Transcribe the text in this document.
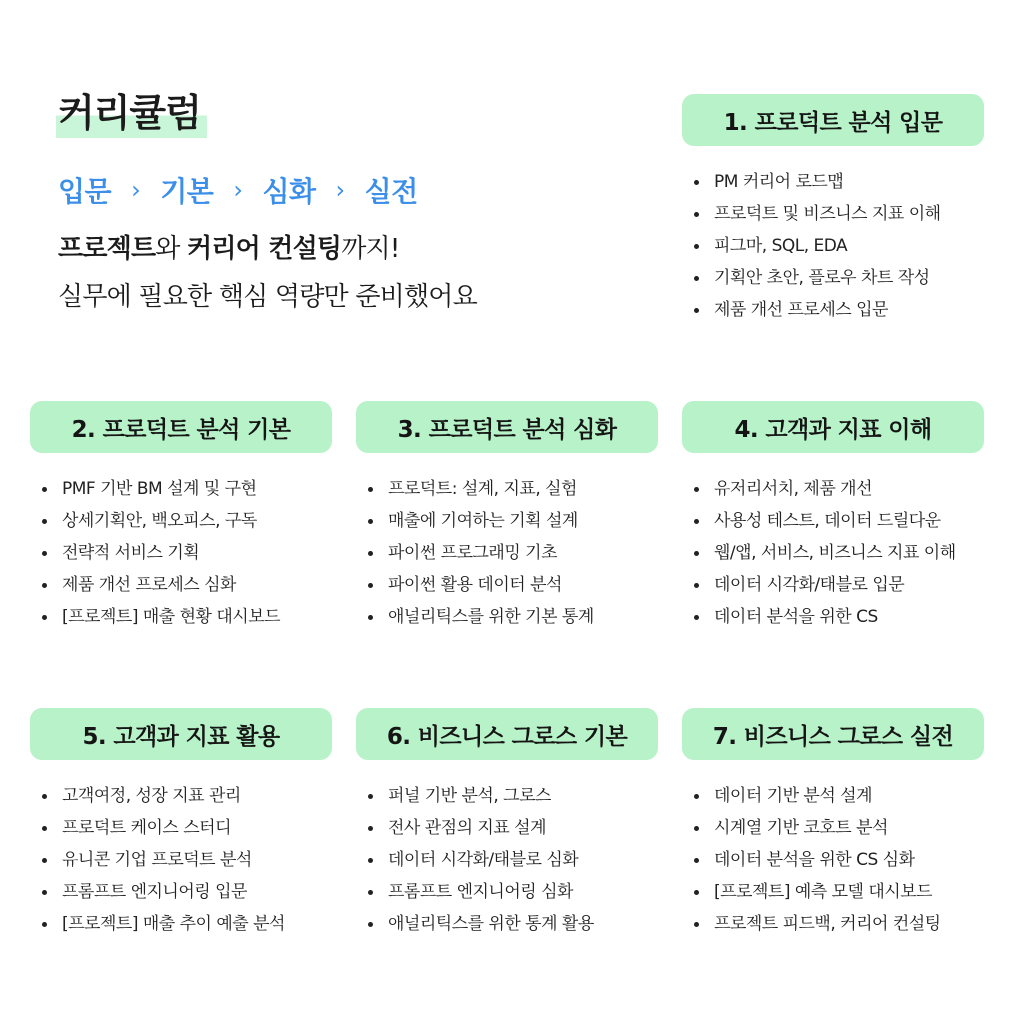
커리큘럼
입문 › 기본 › 심화 › 실전
프로젝트와 커리어 컨설팅까지!
실무에 필요한 핵심 역량만 준비했어요
1. 프로덕트 분석 입문
PM 커리어 로드맵
프로덕트 및 비즈니스 지표 이해
피그마, SQL, EDA
기획안 초안, 플로우 차트 작성
제품 개선 프로세스 입문
2. 프로덕트 분석 기본
PMF 기반 BM 설계 및 구현
상세기획안, 백오피스, 구독
전략적 서비스 기획
제품 개선 프로세스 심화
[프로젝트] 매출 현황 대시보드
3. 프로덕트 분석 심화
프로덕트: 설계, 지표, 실험
매출에 기여하는 기획 설계
파이썬 프로그래밍 기초
파이썬 활용 데이터 분석
애널리틱스를 위한 기본 통계
4. 고객과 지표 이해
유저리서치, 제품 개선
사용성 테스트, 데이터 드릴다운
웹/앱, 서비스, 비즈니스 지표 이해
데이터 시각화/태블로 입문
데이터 분석을 위한 CS
5. 고객과 지표 활용
고객여정, 성장 지표 관리
프로덕트 케이스 스터디
유니콘 기업 프로덕트 분석
프롬프트 엔지니어링 입문
[프로젝트] 매출 추이 예출 분석
6. 비즈니스 그로스 기본
퍼널 기반 분석, 그로스
전사 관점의 지표 설계
데이터 시각화/태블로 심화
프롬프트 엔지니어링 심화
애널리틱스를 위한 통계 활용
7. 비즈니스 그로스 실전
데이터 기반 분석 설계
시계열 기반 코호트 분석
데이터 분석을 위한 CS 심화
[프로젝트] 예측 모델 대시보드
프로젝트 피드백, 커리어 컨설팅
